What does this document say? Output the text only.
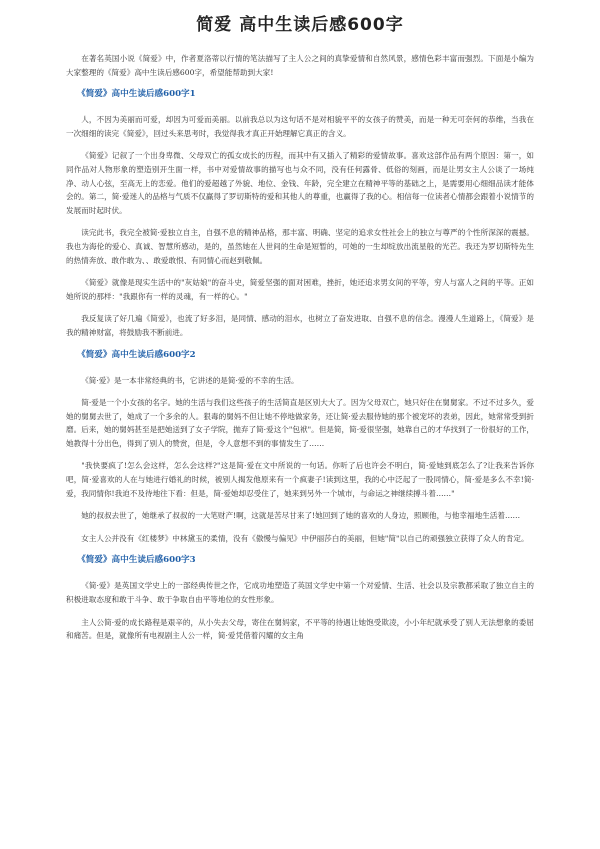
简爱 高中生读后感600字

在著名英国小说《简爱》中，作者夏洛蒂以行情的笔法描写了主人公之间的真挚爱情和自然风景，感情色彩丰富而强烈。下面是小编为大家整理的《简爱》高中生读后感600字，希望能帮助到大家!

《简爱》高中生读后感600字1

人，不因为美丽而可爱，却因为可爱而美丽。以前我总以为这句话不是对相貌平平的女孩子的赞美，而是一种无可奈何的恭维，当我在一次细细的读完《简爱》，回过头来思考时，我觉得我才真正开始理解它真正的含义。

《简爱》记叙了一个出身卑微、父母双亡的孤女成长的历程，而其中有又插入了精彩的爱情故事。喜欢这部作品有两个原因：第一，如同作品对人物形象的塑造别开生面一样，书中对爱情故事的描写也与众不同，没有任何露骨、低俗的刻画，而是让男女主人公谈了一场纯净、动人心弦，至高无上的恋爱。他们的爱超越了外貌、地位、金钱、年龄，完全建立在精神平等的基础之上，是需要用心细细品读才能体会的。第二，简·爱迷人的品格与气质不仅赢得了罗切斯特的爱和其他人的尊重，也赢得了我的心。相信每一位读者心情都会跟着小说情节的发展而时起时伏。

读完此书，我完全被简·爱独立自主，自强不息的精神品格，那丰富、明确、坚定的追求女性社会上的独立与尊严的个性所深深的震撼。我也为海伦的爱心、真诚、智慧所感动，是的，虽然她在人世间的生命是短暂的，可她的一生却绽放出流星般的光芒。我还为罗切斯特先生的热情奔放、敢作敢为、、敢爱敢恨、有同情心而赵到敬佩。

《简爱》就像是现实生活中的"灰姑娘"的奋斗史，简爱坚强的面对困难，挫折，她还追求男女间的平等，穷人与富人之间的平等。正如她所说的那样："我跟你有一样的灵魂，有一样的心。"

我反复读了好几遍《简爱》，也流了好多泪，是同情、感动的泪水，也树立了奋发进取、自强不息的信念。漫漫人生道路上，《简爱》是我的精神财富，将鼓励我不断前进。

《简爱》高中生读后感600字2

《简·爱》是一本非常经典的书，它讲述的是简·爱的不幸的生活。

简·爱是一个小女孩的名字。她的生活与我们这些孩子的生活简直是区别大大了。因为父母双亡，她只好住在舅舅家。不过不过多久，爱她的舅舅去世了，她成了一个多余的人。狠毒的舅妈不但让她不停地做家务，还让简·爱去服侍她的那个被宠坏的表弟，因此，她常常受到折磨。后来，她的舅妈甚至是把她送到了女子学院，抛弃了简·爱这个"包袱"。但是简，简·爱很坚强，她靠自己的才华找到了一份很好的工作，她教得十分出色，得到了别人的赞赏，但是，令人意想不到的事情发生了……

"我快要疯了!怎么会这样，怎么会这样?"这是简·爱在文中所说的一句话。你听了后也许会不明白，简·爱她到底怎么了?让我来告诉你吧，简·爱喜欢的人在与她进行婚礼的时候，被别人揭发他原来有一个疯妻子!读到这里，我的心中泛起了一股同情心，简·爱是多么不幸!简·爱，我同情你!我迫不及待地往下看：但是，简·爱她却忍受住了，她来到另外一个城市，与命运之神继续搏斗着……"

她的叔叔去世了，她继承了叔叔的一大笔财产!啊，这就是苦尽甘来了!她回到了她的喜欢的人身边，照顾他，与他幸福地生活着……

女主人公并没有《红楼梦》中林黛玉的柔情，没有《傲慢与偏见》中伊丽莎白的美丽，但她"简"以自己的顽强独立获得了众人的肯定。

《简爱》高中生读后感600字3

《简·爱》是英国文学史上的一部经典传世之作，它成功地塑造了英国文学史中第一个对爱情、生活、社会以及宗教都采取了独立自主的积极进取态度和敢于斗争、敢于争取自由平等地位的女性形象。

主人公简·爱的成长路程是艰辛的，从小失去父母，寄住在舅妈家，不平等的待遇让她饱受欺凌，小小年纪就承受了别人无法想象的委屈和痛苦。但是，就像所有电视剧主人公一样，简·爱凭借着闪耀的女主角
